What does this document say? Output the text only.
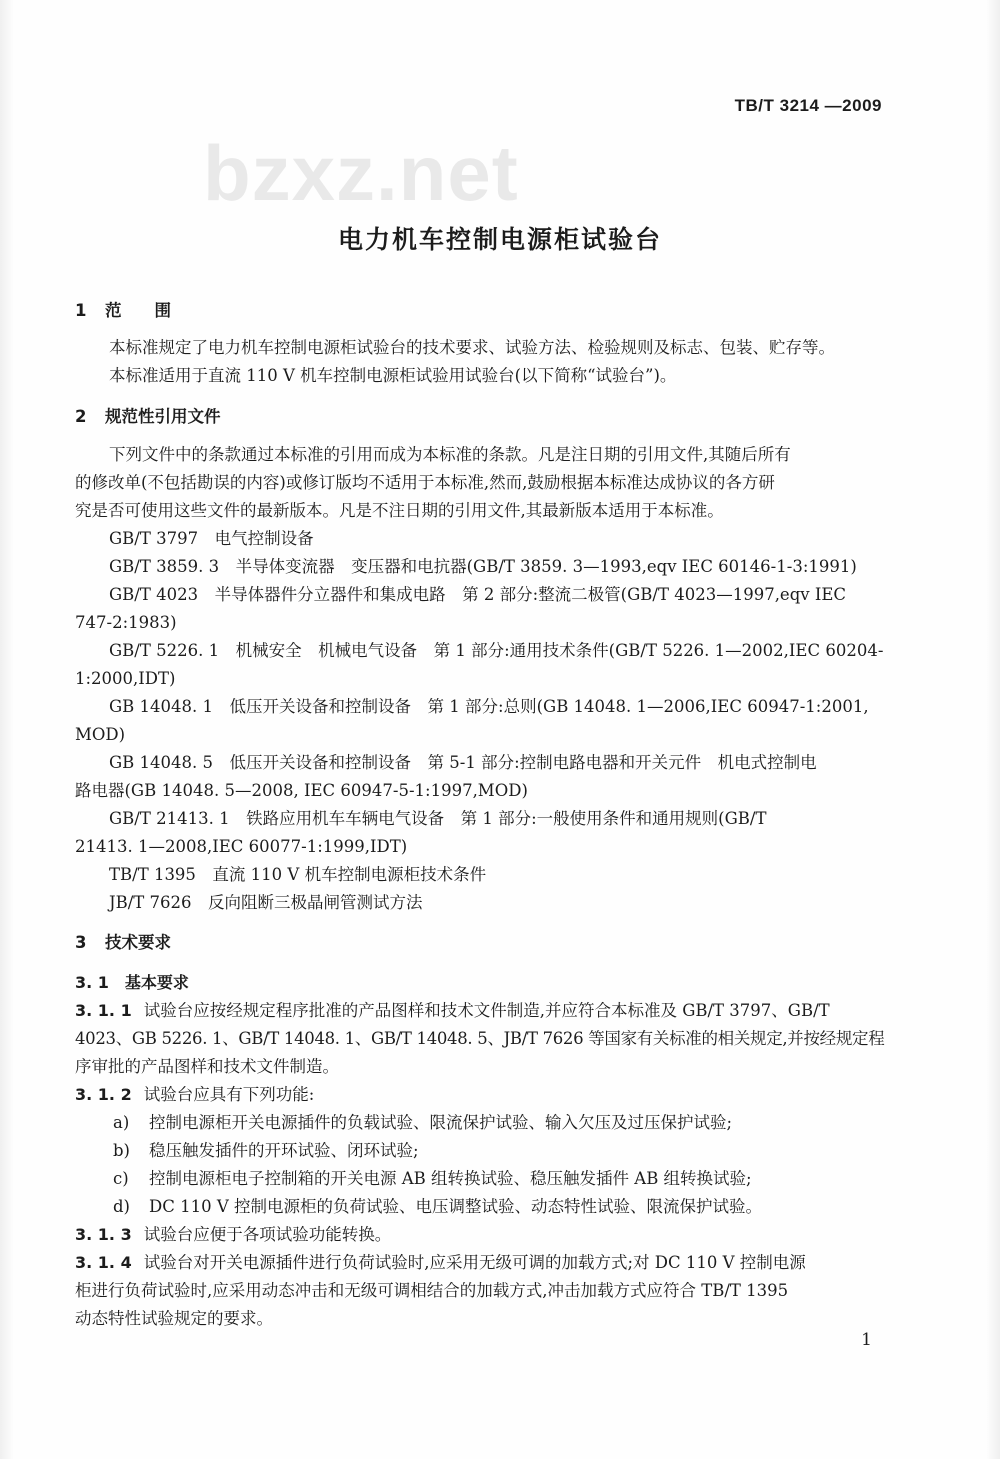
TB/T 3214 —2009
bzxz.net
电力机车控制电源柜试验台
1 范　　围
本标准规定了电力机车控制电源柜试验台的技术要求、试验方法、检验规则及标志、包装、贮存等。
本标准适用于直流 110 V 机车控制电源柜试验用试验台(以下简称“试验台”)。
2 规范性引用文件
下列文件中的条款通过本标准的引用而成为本标准的条款。凡是注日期的引用文件,其随后所有
的修改单(不包括勘误的内容)或修订版均不适用于本标准,然而,鼓励根据本标准达成协议的各方研
究是否可使用这些文件的最新版本。凡是不注日期的引用文件,其最新版本适用于本标准。
GB/T 3797　电气控制设备
GB/T 3859. 3　半导体变流器　变压器和电抗器(GB/T 3859. 3—1993,eqv IEC 60146-1-3:1991)
GB/T 4023　半导体器件分立器件和集成电路　第 2 部分:整流二极管(GB/T 4023—1997,eqv IEC
747-2:1983)
GB/T 5226. 1　机械安全　机械电气设备　第 1 部分:通用技术条件(GB/T 5226. 1—2002,IEC 60204-
1:2000,IDT)
GB 14048. 1　低压开关设备和控制设备　第 1 部分:总则(GB 14048. 1—2006,IEC 60947-1:2001,
MOD)
GB 14048. 5　低压开关设备和控制设备　第 5-1 部分:控制电路电器和开关元件　机电式控制电
路电器(GB 14048. 5—2008, IEC 60947-5-1:1997,MOD)
GB/T 21413. 1　铁路应用机车车辆电气设备　第 1 部分:一般使用条件和通用规则(GB/T
21413. 1—2008,IEC 60077-1:1999,IDT)
TB/T 1395　直流 110 V 机车控制电源柜技术条件
JB/T 7626　反向阻断三极晶闸管测试方法
3 技术要求
3. 1 基本要求
3. 1. 1 试验台应按经规定程序批准的产品图样和技术文件制造,并应符合本标准及 GB/T 3797、GB/T
4023、GB 5226. 1、GB/T 14048. 1、GB/T 14048. 5、JB/T 7626 等国家有关标准的相关规定,并按经规定程
序审批的产品图样和技术文件制造。
3. 1. 2 试验台应具有下列功能:
a) 控制电源柜开关电源插件的负载试验、限流保护试验、输入欠压及过压保护试验;
b) 稳压触发插件的开环试验、闭环试验;
c) 控制电源柜电子控制箱的开关电源 AB 组转换试验、稳压触发插件 AB 组转换试验;
d) DC 110 V 控制电源柜的负荷试验、电压调整试验、动态特性试验、限流保护试验。
3. 1. 3 试验台应便于各项试验功能转换。
3. 1. 4 试验台对开关电源插件进行负荷试验时,应采用无级可调的加载方式;对 DC 110 V 控制电源
柜进行负荷试验时,应采用动态冲击和无级可调相结合的加载方式,冲击加载方式应符合 TB/T 1395
动态特性试验规定的要求。
1
